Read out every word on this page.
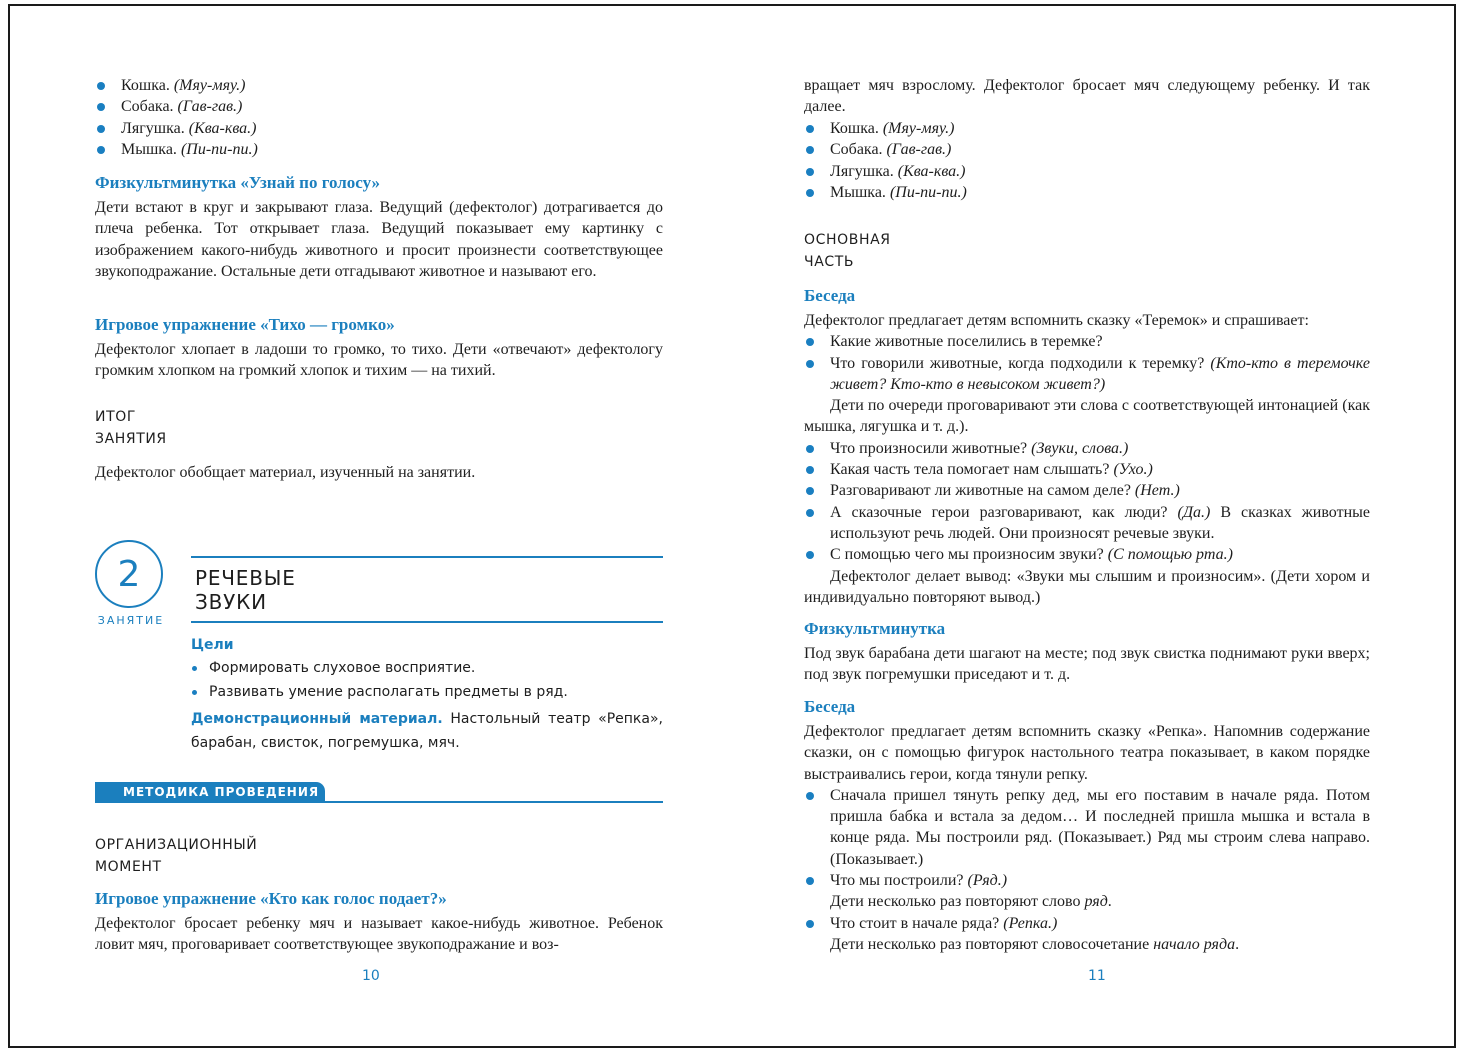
Кошка. (Мяу-мяу.)
Собака. (Гав-гав.)
Лягушка. (Ква-ква.)
Мышка. (Пи-пи-пи.)
Физкультминутка «Узнай по голосу»

Дети встают в круг и закрывают глаза. Ведущий (дефектолог) дотрагивается до плеча ребенка. Тот открывает глаза. Ведущий показывает ему картинку с изображением какого-нибудь животного и просит произнести соответствующее звукоподражание. Остальные дети отгадывают животное и называют его.

Игровое упражнение «Тихо — громко»

Дефектолог хлопает в ладоши то громко, то тихо. Дети «отвечают» дефектологу громким хлопком на громкий хлопок и тихим — на тихий.

ИТОГ

ЗАНЯТИЯ

Дефектолог обобщает материал, изученный на занятии.

ОРГАНИЗАЦИОННЫЙ

МОМЕНТ

Игровое упражнение «Кто как голос подает?»

Дефектолог бросает ребенку мяч и называет какое-нибудь животное. Ребенок ловит мяч, проговаривает соответствующее звукоподражание и воз-

2
ЗАНЯТИЕ
РЕЧЕВЫЕ
ЗВУКИ

Цели

Формировать слуховое восприятие.
Развивать умение располагать предметы в ряд.

Демонстрационный материал. Настольный театр «Репка», барабан, свисток, погремушка, мяч.

МЕТОДИКА ПРОВЕДЕНИЯ
10

вращает мяч взрослому. Дефектолог бросает мяч следующему ребенку. И так далее.

Кошка. (Мяу-мяу.)
Собака. (Гав-гав.)
Лягушка. (Ква-ква.)
Мышка. (Пи-пи-пи.)

ОСНОВНАЯ

ЧАСТЬ

Беседа

Дефектолог предлагает детям вспомнить сказку «Теремок» и спрашивает:

Какие животные поселились в теремке?
Что говорили животные, когда подходили к теремку? (Кто-кто в теремочке живет? Кто-кто в невысоком живет?)

Дети по очереди проговаривают эти слова с соответствующей интонацией (как мышка, лягушка и т. д.).

Что произносили животные? (Звуки, слова.)
Какая часть тела помогает нам слышать? (Ухо.)
Разговаривают ли животные на самом деле? (Нет.)
А сказочные герои разговаривают, как люди? (Да.) В сказках животные используют речь людей. Они произносят речевые звуки.
С помощью чего мы произносим звуки? (С помощью рта.)

Дефектолог делает вывод: «Звуки мы слышим и произносим». (Дети хором и индивидуально повторяют вывод.)

Физкультминутка

Под звук барабана дети шагают на месте; под звук свистка поднимают руки вверх; под звук погремушки приседают и т. д.

Беседа

Дефектолог предлагает детям вспомнить сказку «Репка». Напомнив содержание сказки, он с помощью фигурок настольного театра показывает, в каком порядке выстраивались герои, когда тянули репку.

Сначала пришел тянуть репку дед, мы его поставим в начале ряда. Потом пришла бабка и встала за дедом… И последней пришла мышка и встала в конце ряда. Мы построили ряд. (Показывает.) Ряд мы строим слева направо. (Показывает.)
Что мы построили? (Ряд.)

Дети несколько раз повторяют слово ряд.

Что стоит в начале ряда? (Репка.)

Дети несколько раз повторяют словосочетание начало ряда.

11
